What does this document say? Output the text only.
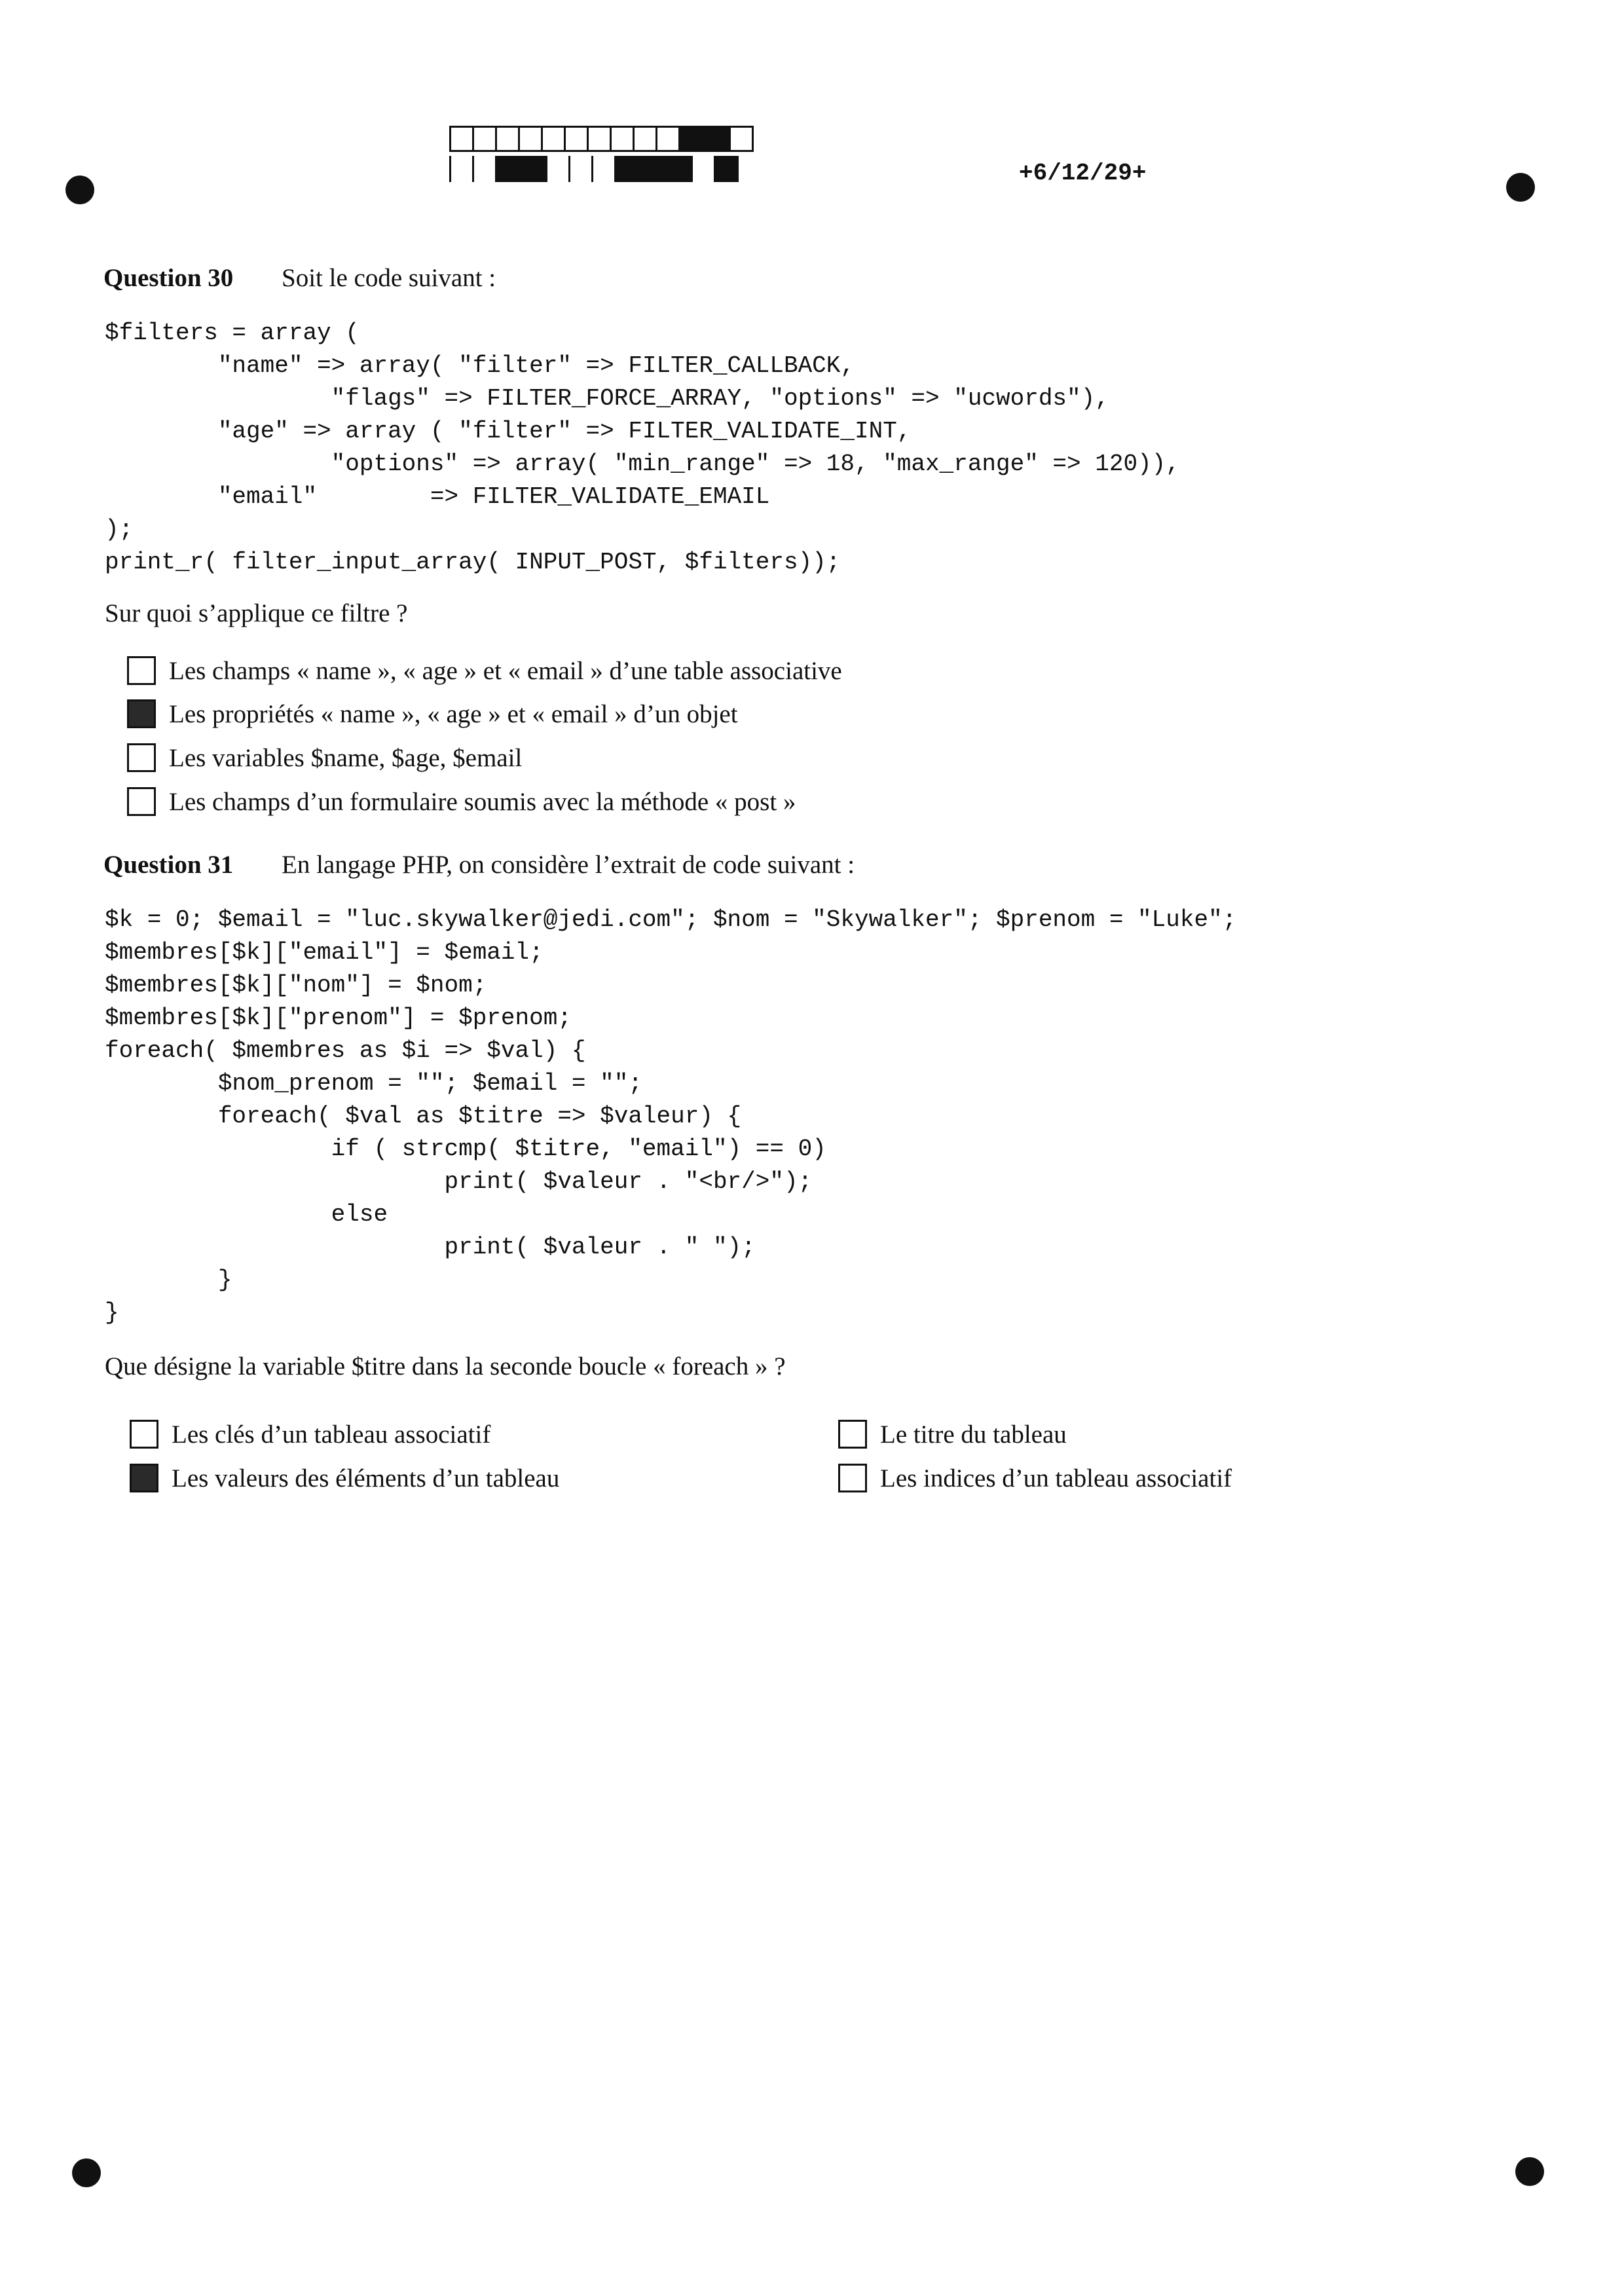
+6/12/29+
Question 30 Soit le code suivant :
$filters = array (
"name" => array( "filter" => FILTER_CALLBACK,
"flags" => FILTER_FORCE_ARRAY, "options" => "ucwords"),
"age" => array ( "filter" => FILTER_VALIDATE_INT,
"options" => array( "min_range" => 18, "max_range" => 120)),
"email"        => FILTER_VALIDATE_EMAIL
);
print_r( filter_input_array( INPUT_POST, $filters));
Sur quoi s’applique ce filtre ?
Les champs « name », « age » et « email » d’une table associative
Les propriétés « name », « age » et « email » d’un objet
Les variables $name, $age, $email
Les champs d’un formulaire soumis avec la méthode « post »
Question 31 En langage PHP, on considère l’extrait de code suivant :
$k = 0; $email = "luc.skywalker@jedi.com"; $nom = "Skywalker"; $prenom = "Luke";
$membres[$k]["email"] = $email;
$membres[$k]["nom"] = $nom;
$membres[$k]["prenom"] = $prenom;
foreach( $membres as $i => $val) {
$nom_prenom = ""; $email = "";
foreach( $val as $titre => $valeur) {
if ( strcmp( $titre, "email") == 0)
print( $valeur . "<br/>");
else
print( $valeur . " ");
}
}
Que désigne la variable $titre dans la seconde boucle « foreach » ?
Les clés d’un tableau associatif
Les valeurs des éléments d’un tableau
Le titre du tableau
Les indices d’un tableau associatif
